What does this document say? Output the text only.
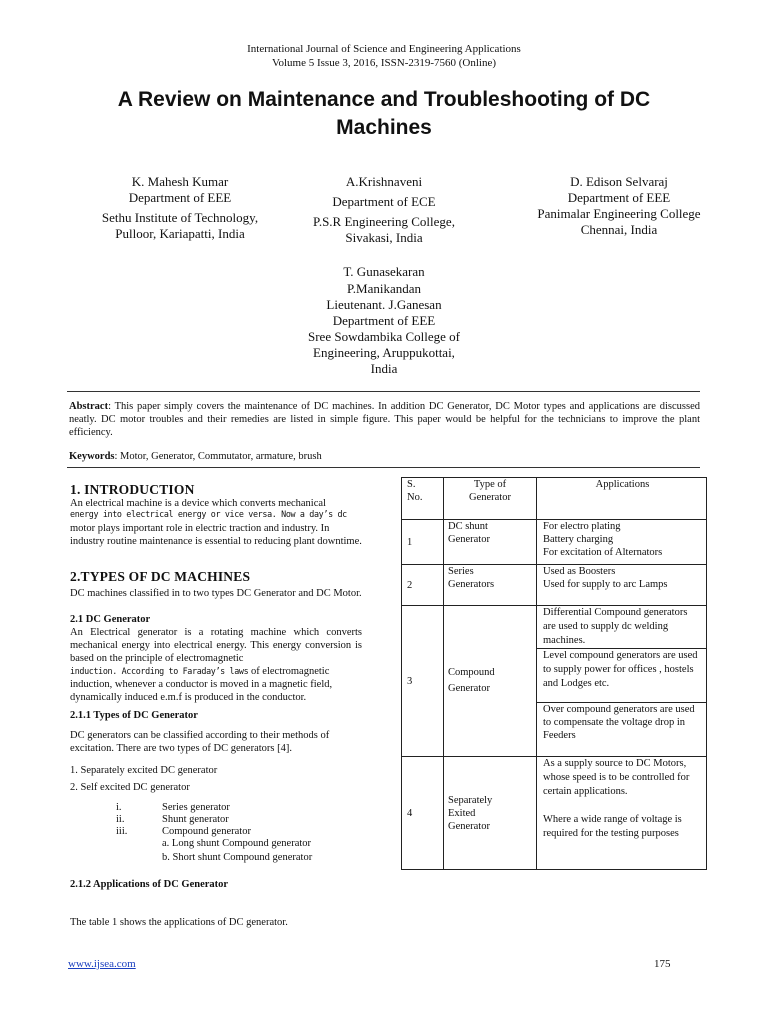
International Journal of Science and Engineering Applications
Volume 5 Issue 3, 2016, ISSN-2319-7560 (Online)
A Review on Maintenance and Troubleshooting of DC
Machines
K. Mahesh Kumar
Department of EEE
Sethu Institute of Technology,
Pulloor, Kariapatti, India
A.Krishnaveni
Department of ECE
P.S.R Engineering College,
Sivakasi, India
D. Edison Selvaraj
Department of EEE
Panimalar Engineering College
Chennai, India
T. Gunasekaran
P.Manikandan
Lieutenant. J.Ganesan
Department of EEE
Sree Sowdambika College of
Engineering, Aruppukottai,
India
Abstract: This paper simply covers the maintenance of DC machines. In addition DC Generator, DC Motor types and applications are discussed neatly. DC motor troubles and their remedies are listed in simple figure. This paper would be helpful for the technicians to improve the plant efficiency.
Keywords: Motor, Generator, Commutator, armature, brush
1. INTRODUCTION
An electrical machine is a device which converts mechanical
energy into electrical energy or vice versa. Now a day’s dc
motor plays important role in electric traction and industry. In industry routine maintenance is essential to reducing plant downtime.
2.TYPES OF DC MACHINES
DC machines classified in to two types DC Generator and DC Motor.
2.1 DC Generator
An Electrical generator is a rotating machine which converts mechanical energy into electrical energy. This energy conversion is based on the principle of electromagnetic
induction. According to Faraday’s laws of electromagnetic induction, whenever a conductor is moved in a magnetic field, dynamically induced e.m.f is produced in the conductor.
2.1.1 Types of DC Generator
DC generators can be classified according to their methods of excitation. There are two types of DC generators [4].
1. Separately excited DC generator
2. Self excited DC generator
i.	Series generator
ii.	Shunt generator
iii.	Compound generator
a. Long shunt Compound generator
b. Short shunt Compound generator
2.1.2 Applications of DC Generator
The table 1 shows the applications of DC generator.
S.
No.	Type of
Generator	Applications

1	DC shunt
Generator	For electro plating
Battery charging
For excitation of Alternators

2	Series
Generators	Used as Boosters
Used for supply to arc Lamps

3	Compound
Generator	Differential Compound generators are used to supply dc welding machines.
		Level compound generators are used to supply power for offices , hostels and Lodges etc.
		Over compound generators are used to compensate the voltage drop in Feeders
4	Separately
Exited
Generator	As a supply source to DC Motors, whose speed is to be controlled for certain applications.

Where a wide range of voltage is required for the testing purposes
www.ijsea.com	175
